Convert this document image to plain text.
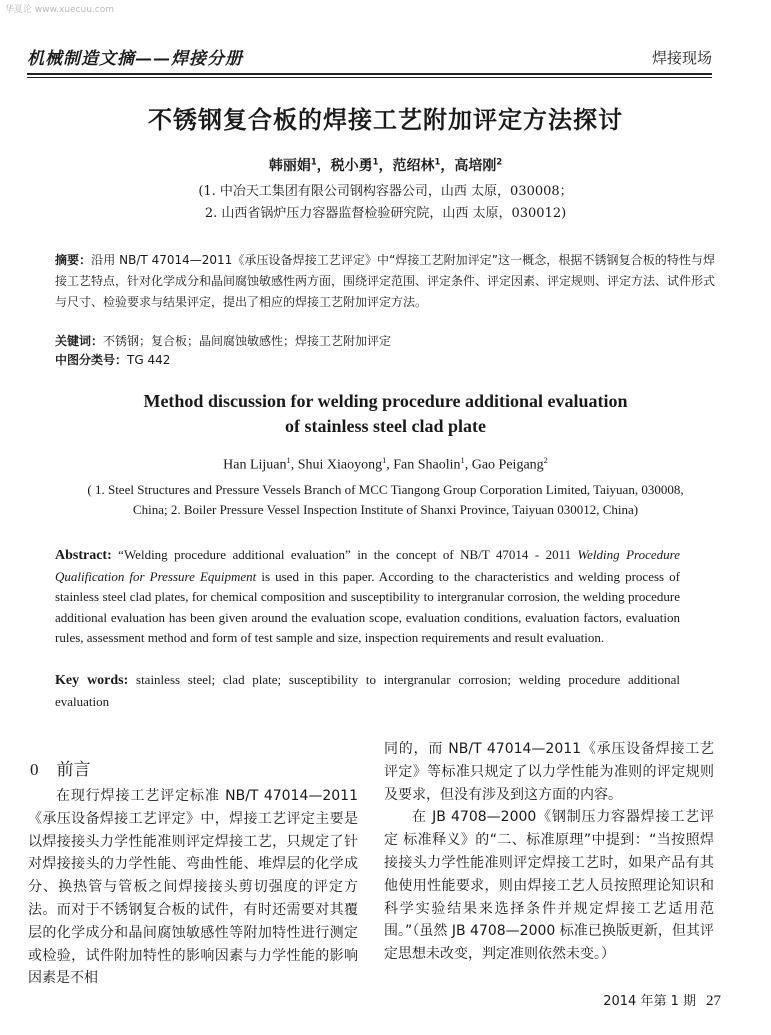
华夏论 www.xuecuu.com
机械制造文摘——焊接分册	焊接现场
不锈钢复合板的焊接工艺附加评定方法探讨
韩丽娟$^1$，税小勇$^1$，范绍林$^1$，高培刚$^2$
(1. 中冶天工集团有限公司钢构容器公司，山西 太原，030008；
2. 山西省锅炉压力容器监督检验研究院，山西 太原，030012)
摘要：沿用 NB/T 47014—2011《承压设备焊接工艺评定》中“焊接工艺附加评定”这一概念，根据不锈钢复合板的特性与焊接工艺特点，针对化学成分和晶间腐蚀敏感性两方面，围绕评定范围、评定条件、评定因素、评定规则、评定方法、试件形式与尺寸、检验要求与结果评定，提出了相应的焊接工艺附加评定方法。
关键词：不锈钢；复合板；晶间腐蚀敏感性；焊接工艺附加评定
中图分类号：TG 442
Method discussion for welding procedure additional evaluation
of stainless steel clad plate
Han Lijuan$^1$, Shui Xiaoyong$^1$, Fan Shaolin$^1$, Gao Peigang$^2$
( 1. Steel Structures and Pressure Vessels Branch of MCC Tiangong Group Corporation Limited, Taiyuan, 030008,
China; 2. Boiler Pressure Vessel Inspection Institute of Shanxi Province, Taiyuan 030012, China)
Abstract: “Welding procedure additional evaluation” in the concept of NB/T 47014 - 2011 Welding Procedure Qualification for Pressure Equipment is used in this paper. According to the characteristics and welding process of stainless steel clad plates, for chemical composition and susceptibility to intergranular corrosion, the welding procedure additional evaluation has been given around the evaluation scope, evaluation conditions, evaluation factors, evaluation rules, assessment method and form of test sample and size, inspection requirements and result evaluation.
Key words: stainless steel; clad plate; susceptibility to intergranular corrosion; welding procedure additional evaluation
0 前言

在现行焊接工艺评定标准 NB/T 47014—2011《承压设备焊接工艺评定》中，焊接工艺评定主要是以焊接接头力学性能准则评定焊接工艺，只规定了针对焊接接头的力学性能、弯曲性能、堆焊层的化学成分、换热管与管板之间焊接接头剪切强度的评定方法。而对于不锈钢复合板的试件，有时还需要对其覆层的化学成分和晶间腐蚀敏感性等附加特性进行测定或检验，试件附加特性的影响因素与力学性能的影响因素是不相

同的，而 NB/T 47014—2011《承压设备焊接工艺评定》等标准只规定了以力学性能为准则的评定规则及要求，但没有涉及到这方面的内容。

在 JB 4708—2000《钢制压力容器焊接工艺评定 标准释义》的“二、标准原理”中提到：“当按照焊接接头力学性能准则评定焊接工艺时，如果产品有其他使用性能要求，则由焊接工艺人员按照理论知识和科学实验结果来选择条件并规定焊接工艺适用范围。”（虽然 JB 4708—2000 标准已换版更新，但其评定思想未改变，判定准则依然未变。）

2014 年第 1 期 27
